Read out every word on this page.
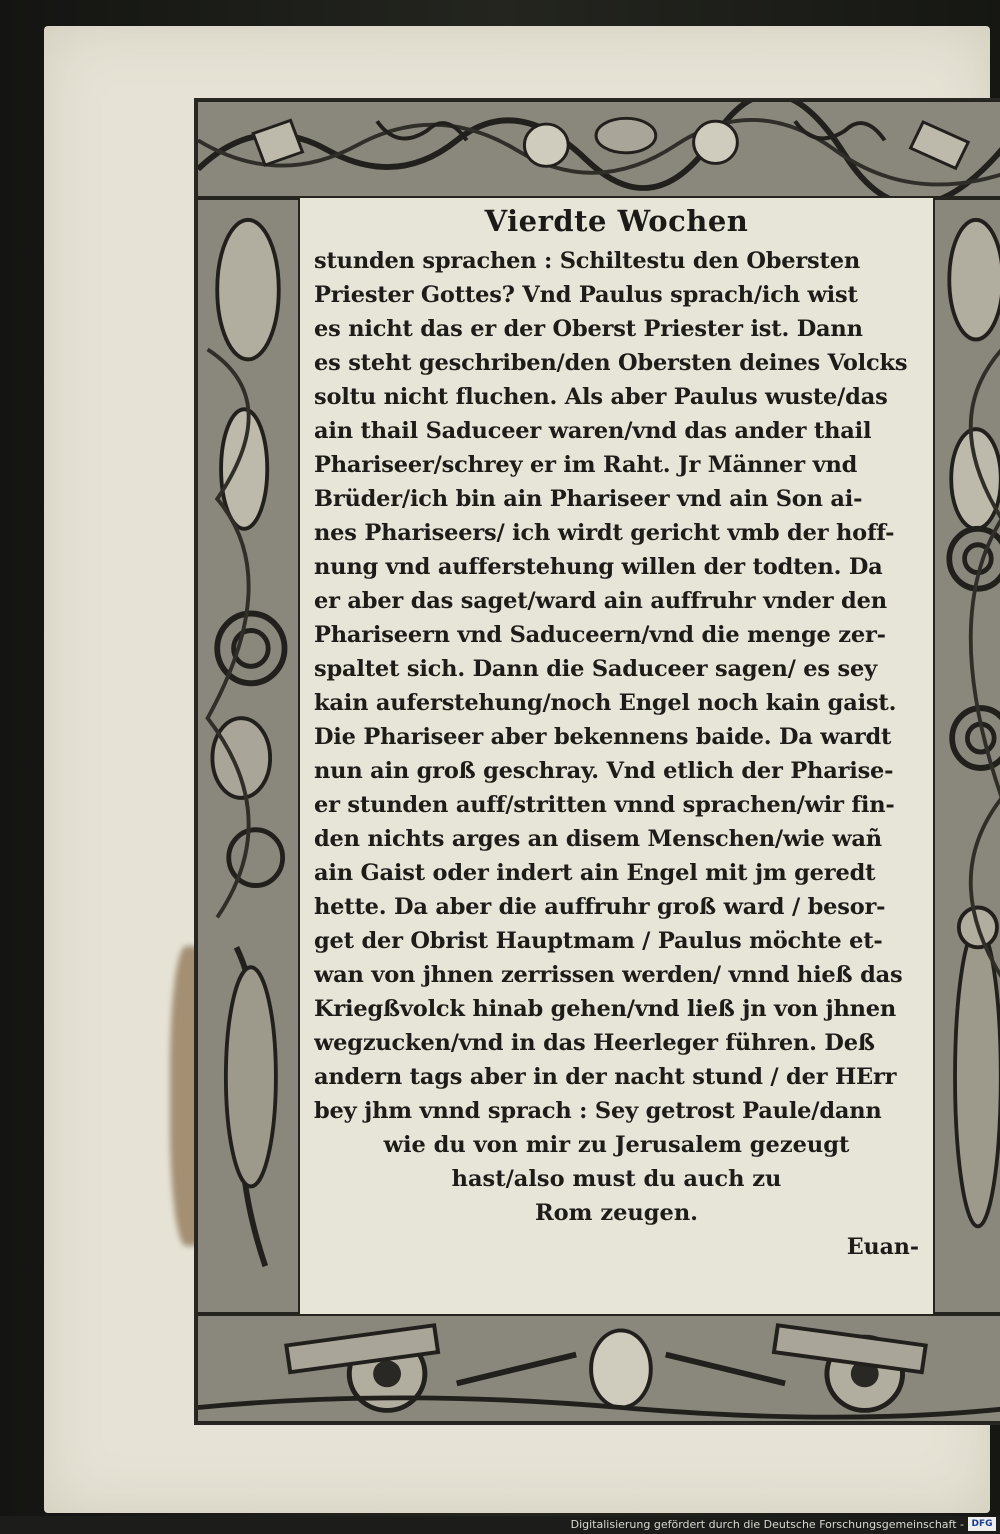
Vierdte Wochen
stunden sprachen : Schiltestu den Obersten
Priester Gottes? Vnd Paulus sprach/ich wist
es nicht das er der Oberst Priester ist. Dann
es steht geschriben/den Obersten deines Volcks
soltu nicht fluchen. Als aber Paulus wuste/das
ain thail Saduceer waren/vnd das ander thail
Phariseer/schrey er im Raht. Jr Männer vnd
Brüder/ich bin ain Phariseer vnd ain Son ai-
nes Phariseers/ ich wirdt gericht vmb der hoff-
nung vnd aufferstehung willen der todten. Da
er aber das saget/ward ain auffruhr vnder den
Phariseern vnd Saduceern/vnd die menge zer-
spaltet sich. Dann die Saduceer sagen/ es sey
kain auferstehung/noch Engel noch kain gaist.
Die Phariseer aber bekennens baide. Da wardt
nun ain groß geschray. Vnd etlich der Pharise-
er stunden auff/stritten vnnd sprachen/wir fin-
den nichts arges an disem Menschen/wie wañ
ain Gaist oder indert ain Engel mit jm geredt
hette. Da aber die auffruhr groß ward / besor-
get der Obrist Hauptmam / Paulus möchte et-
wan von jhnen zerrissen werden/ vnnd hieß das
Kriegßvolck hinab gehen/vnd ließ jn von jhnen
wegzucken/vnd in das Heerleger führen. Deß
andern tags aber in der nacht stund / der HErr
bey jhm vnnd sprach : Sey getrost Paule/dann
wie du von mir zu Jerusalem gezeugt
hast/also must du auch zu
Rom zeugen.
Euan-
Digitalisierung gefördert durch die Deutsche Forschungsgemeinschaft - DFG
